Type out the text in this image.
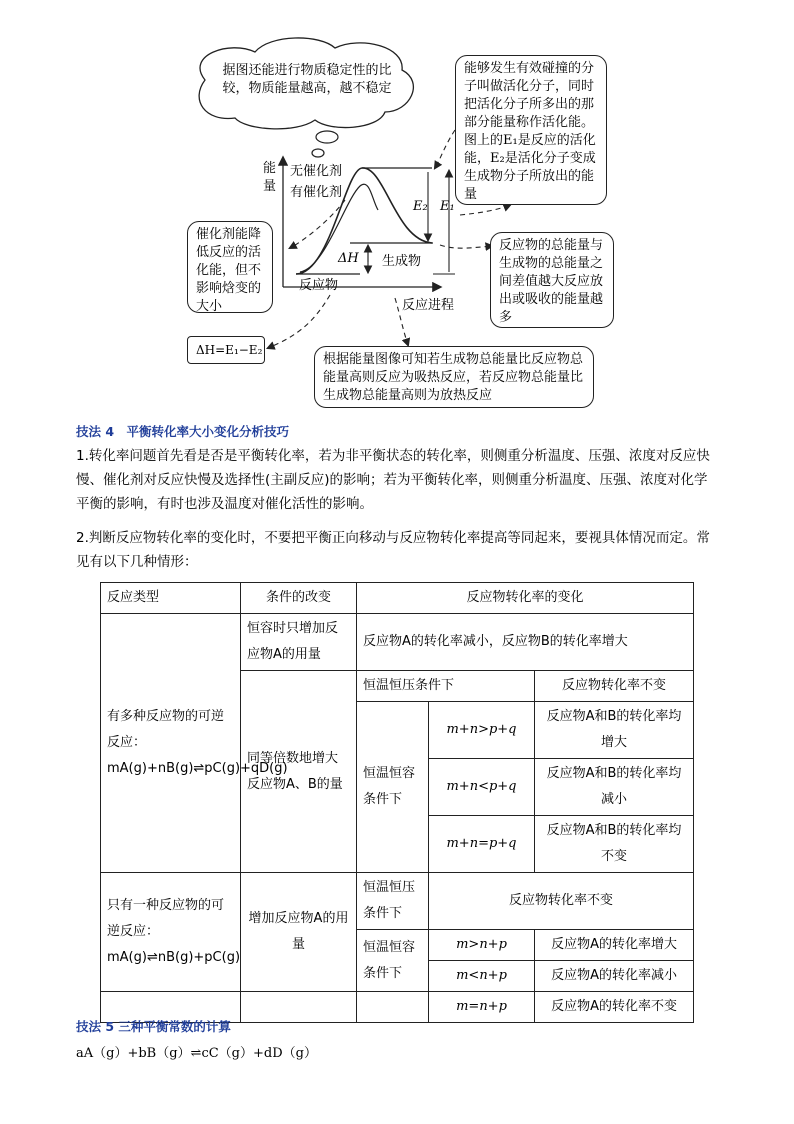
据图还能进行物质稳定性的比较，物质能量越高，越不稳定
能够发生有效碰撞的分子叫做活化分子，同时把活化分子所多出的那部分能量称作活化能。图上的E₁是反应的活化能，E₂是活化分子变成生成物分子所放出的能量
催化剂能降低反应的活化能，但不影响焓变的大小
ΔH=E₁−E₂
反应物的总能量与生成物的总能量之间差值越大反应放出或吸收的能量越多
根据能量图像可知若生成物总能量比反应物总能量高则反应为吸热反应，若反应物总能量比生成物总能量高则为放热反应
能量
反应进程
无催化剂
有催化剂
反应物
生成物
ΔH
E₁
E₂
技法 4　平衡转化率大小变化分析技巧
1.转化率问题首先看是否是平衡转化率，若为非平衡状态的转化率，则侧重分析温度、压强、浓度对反应快慢、催化剂对反应快慢及选择性(主副反应)的影响；若为平衡转化率，则侧重分析温度、压强、浓度对化学平衡的影响，有时也涉及温度对催化活性的影响。
2.判断反应物转化率的变化时，不要把平衡正向移动与反应物转化率提高等同起来，要视具体情况而定。常见有以下几种情形：
反应类型	条件的改变	反应物转化率的变化		
有多种反应物的可逆反应：mA(g)+nB(g)⇌pC(g)+qD(g)	恒容时只增加反应物A的用量	反应物A的转化率减小，反应物B的转化率增大		
	同等倍数地增大反应物A、B的量	恒温恒压条件下		反应物转化率不变
		恒温恒容条件下	m+n>p+q	反应物A和B的转化率均增大
			m+n<p+q	反应物A和B的转化率均减小
			m+n=p+q	反应物A和B的转化率均不变
只有一种反应物的可逆反应：mA(g)⇌nB(g)+pC(g)	增加反应物A的用量	恒温恒压条件下	反应物转化率不变	
		恒温恒容条件下	m>n+p	反应物A的转化率增大
			m<n+p	反应物A的转化率减小
			m=n+p	反应物A的转化率不变
技法 5 三种平衡常数的计算
aA（g）+bB（g）⇌cC（g）+dD（g）
